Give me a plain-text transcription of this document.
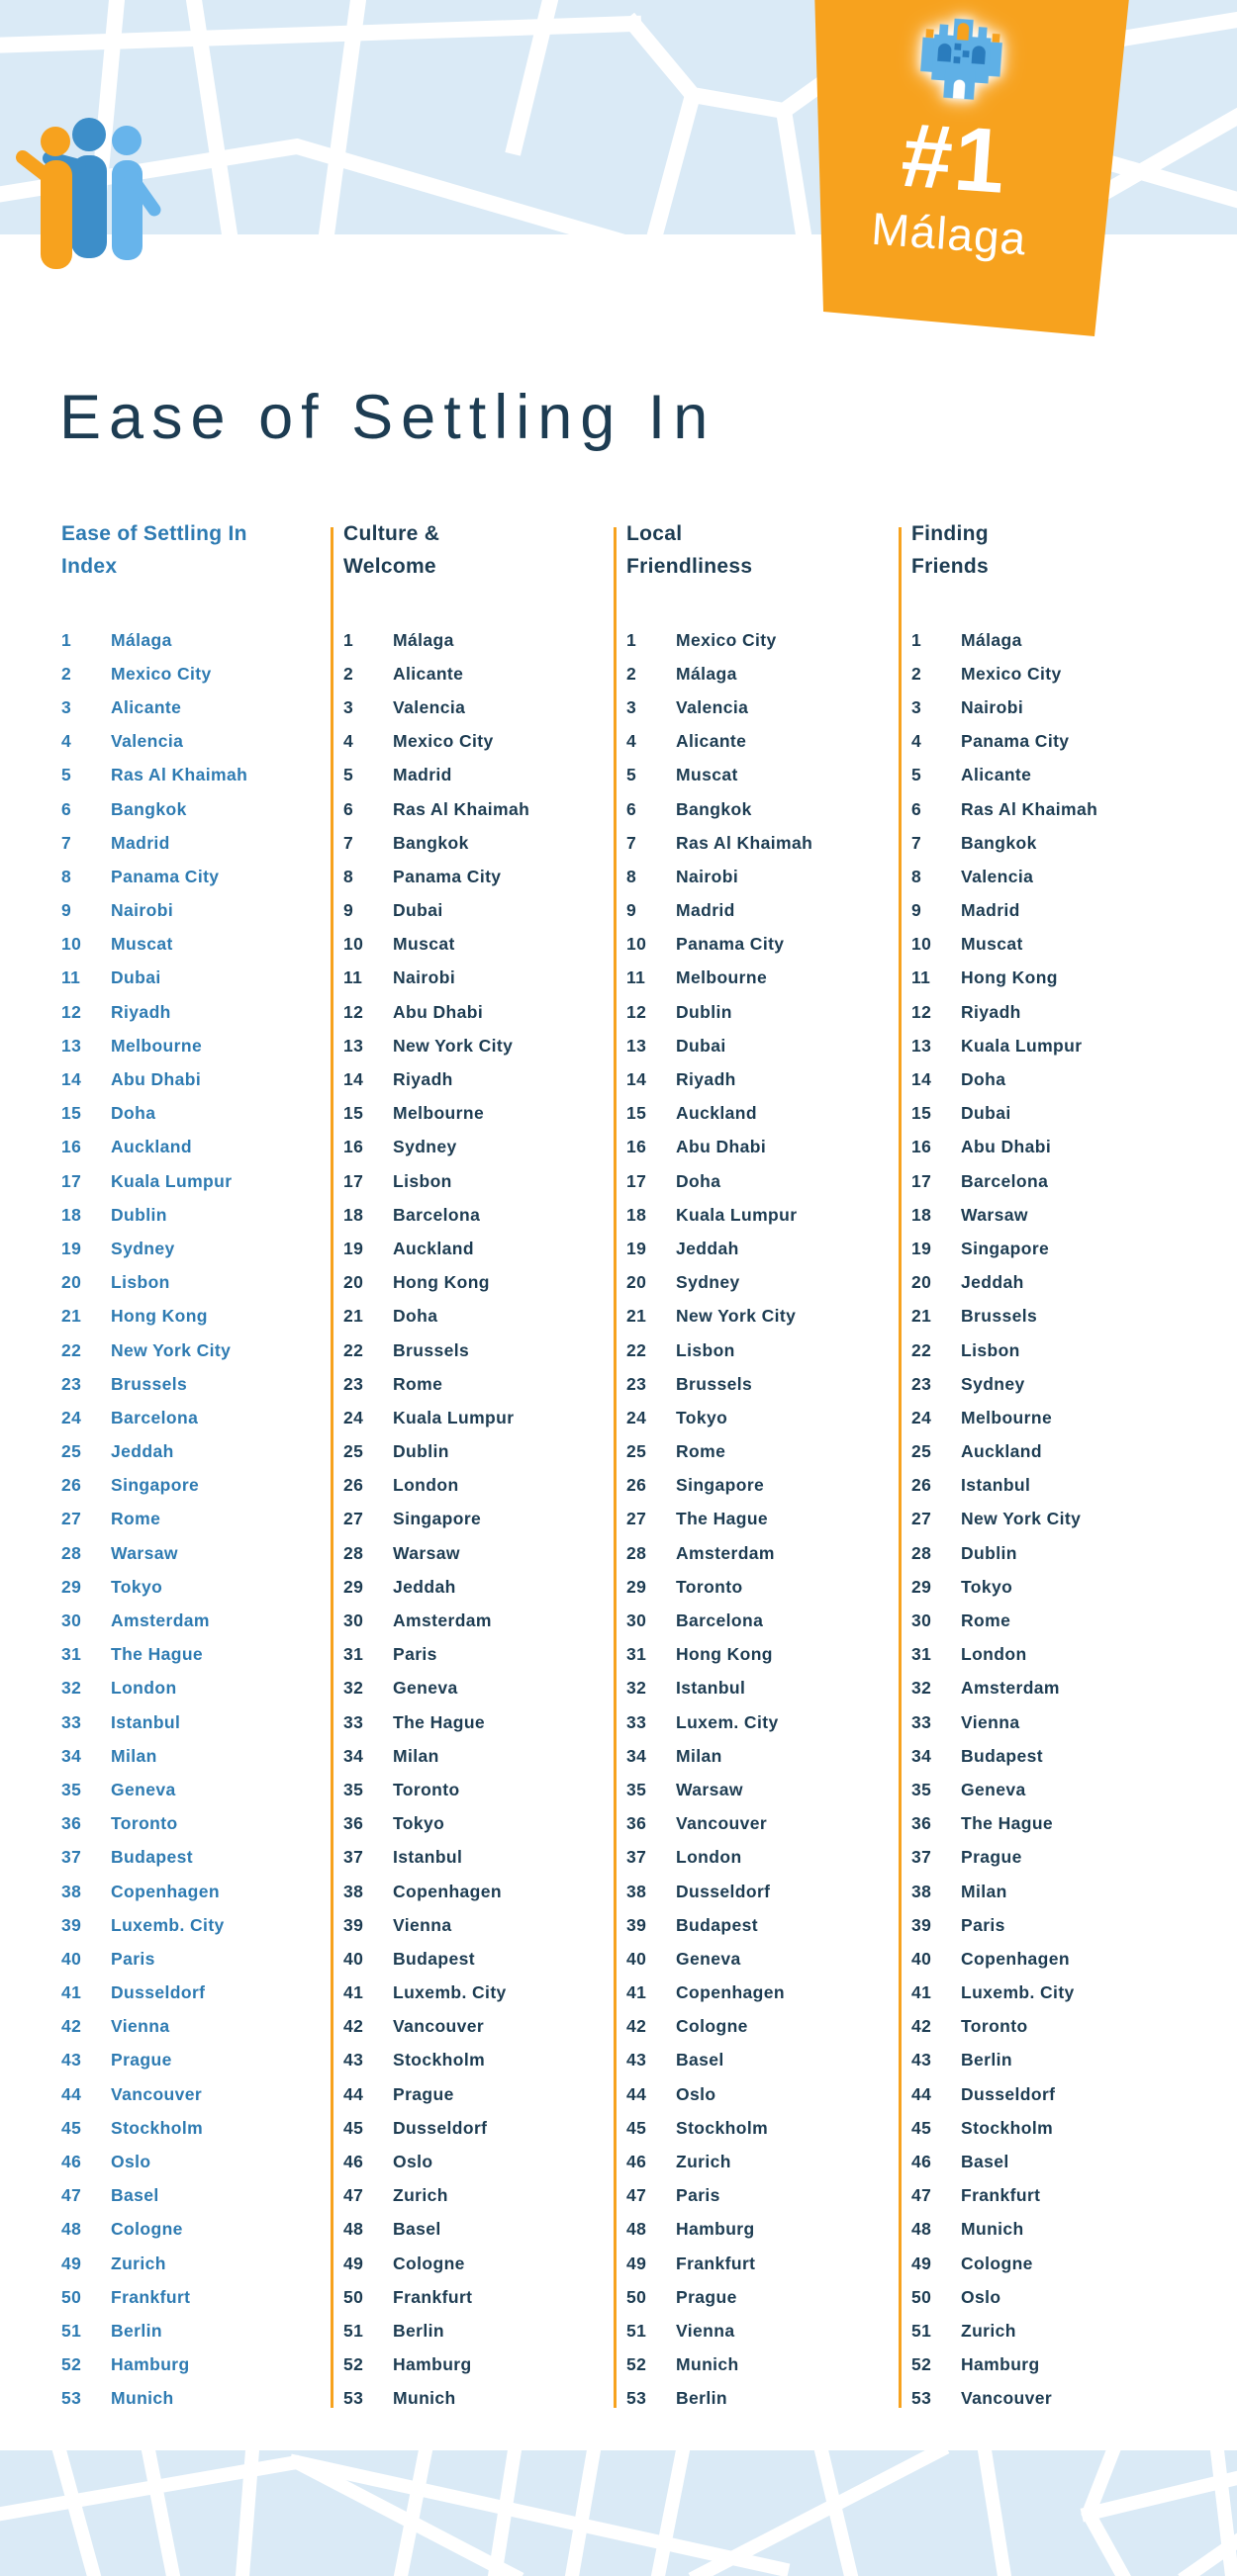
#1
Málaga
Ease of Settling In
Ease of Settling In
Index
1	Málaga
2	Mexico City
3	Alicante
4	Valencia
5	Ras Al Khaimah
6	Bangkok
7	Madrid
8	Panama City
9	Nairobi
10	Muscat
11	Dubai
12	Riyadh
13	Melbourne
14	Abu Dhabi
15	Doha
16	Auckland
17	Kuala Lumpur
18	Dublin
19	Sydney
20	Lisbon
21	Hong Kong
22	New York City
23	Brussels
24	Barcelona
25	Jeddah
26	Singapore
27	Rome
28	Warsaw
29	Tokyo
30	Amsterdam
31	The Hague
32	London
33	Istanbul
34	Milan
35	Geneva
36	Toronto
37	Budapest
38	Copenhagen
39	Luxemb. City
40	Paris
41	Dusseldorf
42	Vienna
43	Prague
44	Vancouver
45	Stockholm
46	Oslo
47	Basel
48	Cologne
49	Zurich
50	Frankfurt
51	Berlin
52	Hamburg
53	Munich
Culture &
Welcome
1	Málaga
2	Alicante
3	Valencia
4	Mexico City
5	Madrid
6	Ras Al Khaimah
7	Bangkok
8	Panama City
9	Dubai
10	Muscat
11	Nairobi
12	Abu Dhabi
13	New York City
14	Riyadh
15	Melbourne
16	Sydney
17	Lisbon
18	Barcelona
19	Auckland
20	Hong Kong
21	Doha
22	Brussels
23	Rome
24	Kuala Lumpur
25	Dublin
26	London
27	Singapore
28	Warsaw
29	Jeddah
30	Amsterdam
31	Paris
32	Geneva
33	The Hague
34	Milan
35	Toronto
36	Tokyo
37	Istanbul
38	Copenhagen
39	Vienna
40	Budapest
41	Luxemb. City
42	Vancouver
43	Stockholm
44	Prague
45	Dusseldorf
46	Oslo
47	Zurich
48	Basel
49	Cologne
50	Frankfurt
51	Berlin
52	Hamburg
53	Munich
Local
Friendliness
1	Mexico City
2	Málaga
3	Valencia
4	Alicante
5	Muscat
6	Bangkok
7	Ras Al Khaimah
8	Nairobi
9	Madrid
10	Panama City
11	Melbourne
12	Dublin
13	Dubai
14	Riyadh
15	Auckland
16	Abu Dhabi
17	Doha
18	Kuala Lumpur
19	Jeddah
20	Sydney
21	New York City
22	Lisbon
23	Brussels
24	Tokyo
25	Rome
26	Singapore
27	The Hague
28	Amsterdam
29	Toronto
30	Barcelona
31	Hong Kong
32	Istanbul
33	Luxem. City
34	Milan
35	Warsaw
36	Vancouver
37	London
38	Dusseldorf
39	Budapest
40	Geneva
41	Copenhagen
42	Cologne
43	Basel
44	Oslo
45	Stockholm
46	Zurich
47	Paris
48	Hamburg
49	Frankfurt
50	Prague
51	Vienna
52	Munich
53	Berlin
Finding
Friends
1	Málaga
2	Mexico City
3	Nairobi
4	Panama City
5	Alicante
6	Ras Al Khaimah
7	Bangkok
8	Valencia
9	Madrid
10	Muscat
11	Hong Kong
12	Riyadh
13	Kuala Lumpur
14	Doha
15	Dubai
16	Abu Dhabi
17	Barcelona
18	Warsaw
19	Singapore
20	Jeddah
21	Brussels
22	Lisbon
23	Sydney
24	Melbourne
25	Auckland
26	Istanbul
27	New York City
28	Dublin
29	Tokyo
30	Rome
31	London
32	Amsterdam
33	Vienna
34	Budapest
35	Geneva
36	The Hague
37	Prague
38	Milan
39	Paris
40	Copenhagen
41	Luxemb. City
42	Toronto
43	Berlin
44	Dusseldorf
45	Stockholm
46	Basel
47	Frankfurt
48	Munich
49	Cologne
50	Oslo
51	Zurich
52	Hamburg
53	Vancouver
